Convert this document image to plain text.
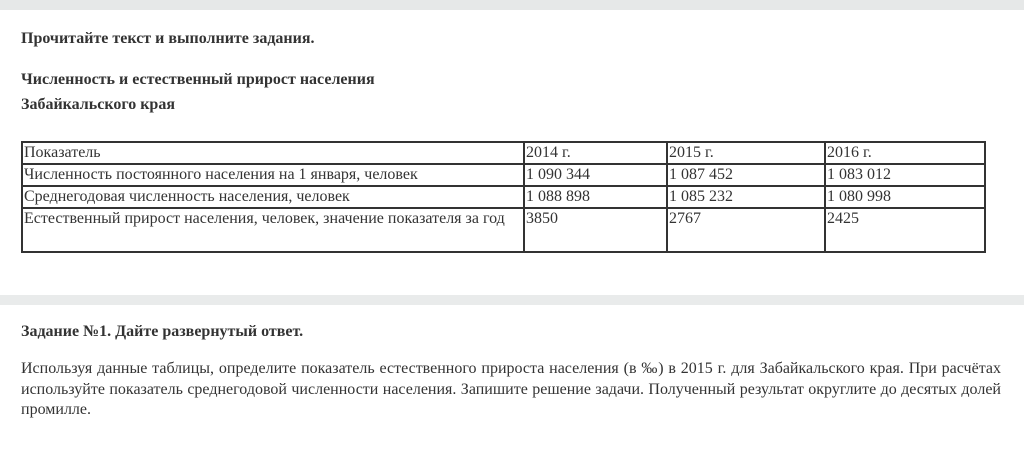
Прочитайте текст и выполните задания.
Численность и естественный прирост населения
Забайкальского края
Показатель	2014 г.	2015 г.	2016 г.
Численность постоянного населения на 1 января, человек	1 090 344	1 087 452	1 083 012
Среднегодовая численность населения, человек	1 088 898	1 085 232	1 080 998
Естественный прирост населения, человек, значение показателя за год	3850	2767	2425
Задание №1. Дайте развернутый ответ.
Используя данные таблицы, определите показатель естественного прироста населения (в ‰) в 2015 г. для Забайкальского края. При расчётах используйте показатель среднегодовой численности населения. Запишите решение задачи. Полученный результат округлите до десятых долей промилле.
